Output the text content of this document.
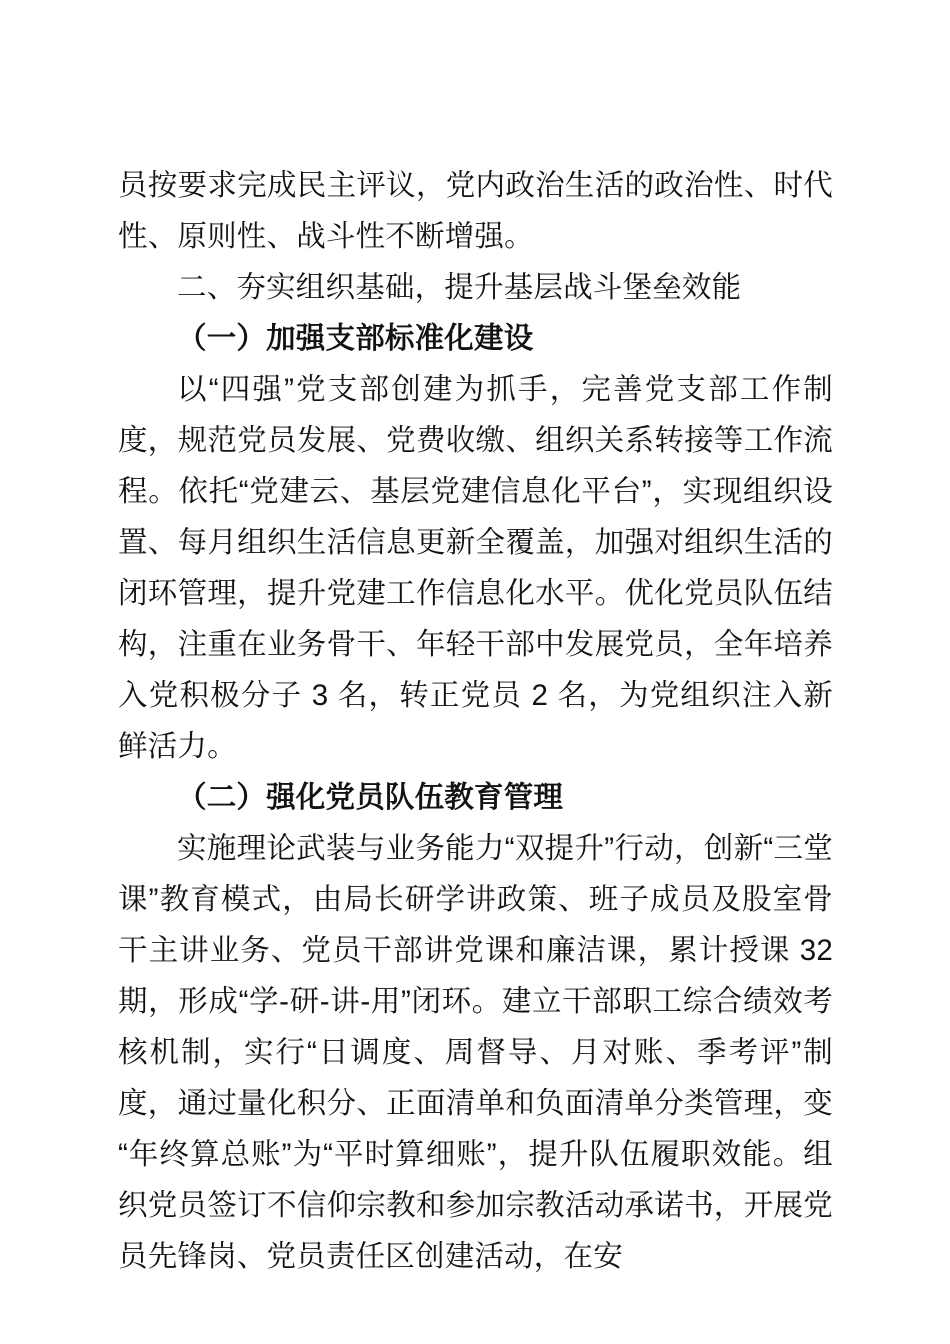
员按要求完成民主评议，党内政治生活的政治性、时代性、原则性、战斗性不断增强。

二、夯实组织基础，提升基层战斗堡垒效能

（一）加强支部标准化建设

以“四强”党支部创建为抓手，完善党支部工作制度，规范党员发展、党费收缴、组织关系转接等工作流程。依托“党建云、基层党建信息化平台”，实现组织设置、每月组织生活信息更新全覆盖，加强对组织生活的闭环管理，提升党建工作信息化水平。优化党员队伍结构，注重在业务骨干、年轻干部中发展党员，全年培养入党积极分子 3 名，转正党员 2 名，为党组织注入新鲜活力。

（二）强化党员队伍教育管理

实施理论武装与业务能力“双提升”行动，创新“三堂课”教育模式，由局长研学讲政策、班子成员及股室骨干主讲业务、党员干部讲党课和廉洁课，累计授课 32 期，形成“学-研-讲-用”闭环。建立干部职工综合绩效考核机制，实行“日调度、周督导、月对账、季考评”制度，通过量化积分、正面清单和负面清单分类管理，变“年终算总账”为“平时算细账”，提升队伍履职效能。组织党员签订不信仰宗教和参加宗教活动承诺书，开展党员先锋岗、党员责任区创建活动，在安
